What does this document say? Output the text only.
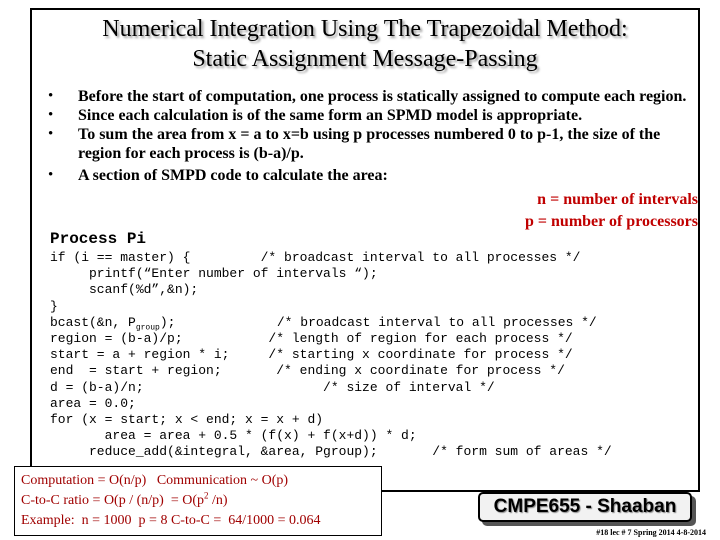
Numerical Integration Using The Trapezoidal Method:
Static Assignment Message-Passing
•	Before the start of computation, one process is statically assigned to compute each region.
•	Since each calculation is of the same form an SPMD model is appropriate.
•	To sum the area from x = a to x=b using p processes numbered 0 to p-1, the size of the region for each process is (b-a)/p.
•	A section of SMPD code to calculate the area:
n = number of intervals
p = number of processors
Process Pi
if (i == master) {         /* broadcast interval to all processes */
printf(“Enter number of intervals “);
scanf(%d”,&n);
}
bcast(&n, $P_{group}$);             /* broadcast interval to all processes */
region = (b-a)/p;           /* length of region for each process */
start = a + region * i;     /* starting x coordinate for process */
end  = start + region;       /* ending x coordinate for process */
d = (b-a)/n;                       /* size of interval */
area = 0.0;
for (x = start; x < end; x = x + d)
area = area + 0.5 * (f(x) + f(x+d)) * d;
reduce_add(&integral, &area, Pgroup);       /* form sum of areas */
Computation = O(n/p)   Communication ~ O(p)
C-to-C ratio = $O(p / (n/p) = O(p^2$ /n)
Example:  n = 1000  p = 8 C-to-C =  64/1000 = 0.064
CMPE655 - Shaaban
#18 lec # 7 Spring 2014 4-8-2014
